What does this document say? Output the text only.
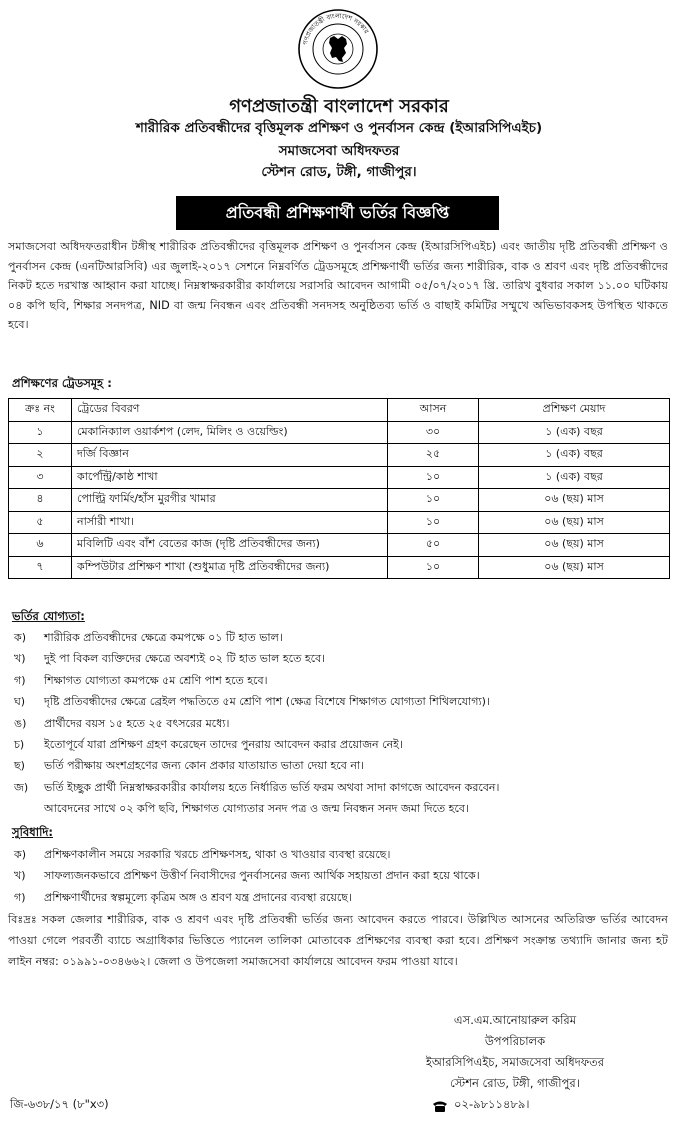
গণপ্রজাতন্ত্রী বাংলাদেশ সরকার
গণপ্রজাতন্ত্রী বাংলাদেশ সরকার
শারীরিক প্রতিবন্ধীদের বৃত্তিমূলক প্রশিক্ষণ ও পুনর্বাসন কেন্দ্র (ইআরসিপিএইচ)
সমাজসেবা অধিদফতর
স্টেশন রোড, টঙ্গী, গাজীপুর।
প্রতিবন্ধী প্রশিক্ষণার্থী ভর্তির বিজ্ঞপ্তি
সমাজসেবা অধিদফতরাধীন টঙ্গীস্থ শারীরিক প্রতিবন্ধীদের বৃত্তিমূলক প্রশিক্ষণ ও পুনর্বাসন কেন্দ্র (ইআরসিপিএইচ) এবং জাতীয় দৃষ্টি প্রতিবন্ধী প্রশিক্ষণ ও পুনর্বাসন কেন্দ্র (এনটিআরসিবি) এর জুলাই-২০১৭ সেশনে নিম্নবর্ণিত ট্রেডসমূহে প্রশিক্ষণার্থী ভর্তির জন্য শারীরিক, বাক ও শ্রবণ এবং দৃষ্টি প্রতিবন্ধীদের নিকট হতে দরখাস্ত আহ্বান করা যাচ্ছে। নিম্নস্বাক্ষরকারীর কার্যালয়ে সরাসরি আবেদন আগামী ০৫/০৭/২০১৭ খ্রি. তারিখ বুধবার সকাল ১১.০০ ঘটিকায় ০৪ কপি ছবি, শিক্ষার সনদপত্র, NID বা জন্ম নিবন্ধন এবং প্রতিবন্ধী সনদসহ অনুষ্ঠিতব্য ভর্তি ও বাছাই কমিটির সম্মুখে অভিভাবকসহ উপস্থিত থাকতে হবে।
প্রশিক্ষণের ট্রেডসমূহ :
ক্রঃ নং	ট্রেডের বিবরণ	আসন	প্রশিক্ষণ মেয়াদ
১	মেকানিক্যাল ওয়ার্কশপ (লেদ, মিলিং ও ওয়েল্ডিং)	৩০	১ (এক) বছর
২	দর্জি বিজ্ঞান	২৫	১ (এক) বছর
৩	কার্পেন্ট্রি/কাষ্ঠ শাখা	১০	১ (এক) বছর
৪	পোল্ট্রি ফার্মিং/হাঁস মুরগীর খামার	১০	০৬ (ছয়) মাস
৫	নার্সারী শাখা।	১০	০৬ (ছয়) মাস
৬	মবিলিটি এবং বাঁশ বেতের কাজ (দৃষ্টি প্রতিবন্ধীদের জন্য)	৫০	০৬ (ছয়) মাস
৭	কম্পিউটার প্রশিক্ষণ শাখা (শুধুমাত্র দৃষ্টি প্রতিবন্ধীদের জন্য)	১০	০৬ (ছয়) মাস
ভর্তির যোগ্যতা:
ক)	শারীরিক প্রতিবন্ধীদের ক্ষেত্রে কমপক্ষে ০১ টি হাত ভাল।
খ)	দুই পা বিকল ব্যক্তিদের ক্ষেত্রে অবশ্যই ০২ টি হাত ভাল হতে হবে।
গ)	শিক্ষাগত যোগ্যতা কমপক্ষে ৫ম শ্রেণি পাশ হতে হবে।
ঘ)	দৃষ্টি প্রতিবন্ধীদের ক্ষেত্রে ব্রেইল পদ্ধতিতে ৫ম শ্রেণি পাশ (ক্ষেত্র বিশেষে শিক্ষাগত যোগ্যতা শিথিলযোগ্য)।
ঙ)	প্রার্থীদের বয়স ১৫ হতে ২৫ বৎসরের মধ্যে।
চ)	ইতোপূর্বে যারা প্রশিক্ষণ গ্রহণ করেছেন তাদের পুনরায় আবেদন করার প্রয়োজন নেই।
ছ)	ভর্তি পরীক্ষায় অংশগ্রহণের জন্য কোন প্রকার যাতায়াত ভাতা দেয়া হবে না।
জ)	ভর্তি ইচ্ছুক প্রার্থী নিম্নস্বাক্ষরকারীর কার্যালয় হতে নির্ধারিত ভর্তি ফরম অথবা সাদা কাগজে আবেদন করবেন।
আবেদনের সাথে ০২ কপি ছবি, শিক্ষাগত যোগ্যতার সনদ পত্র ও জন্ম নিবন্ধন সনদ জমা দিতে হবে।
সুবিধাদি:
ক)	প্রশিক্ষণকালীন সময়ে সরকারি খরচে প্রশিক্ষণসহ, থাকা ও খাওয়ার ব্যবস্থা রয়েছে।
খ)	সাফল্যজনকভাবে প্রশিক্ষণ উত্তীর্ণ নিবাসীদের পুনর্বাসনের জন্য আর্থিক সহায়তা প্রদান করা হয়ে থাকে।
গ)	প্রশিক্ষণার্থীদের স্বল্পমূল্যে কৃত্রিম অঙ্গ ও শ্রবণ যন্ত্র প্রদানের ব্যবস্থা রয়েছে।
বিঃদ্রঃ সকল জেলার শারীরিক, বাক ও শ্রবণ এবং দৃষ্টি প্রতিবন্ধী ভর্তির জন্য আবেদন করতে পারবে। উল্লিখিত আসনের অতিরিক্ত ভর্তির আবেদন পাওয়া গেলে পরবর্তী ব্যাচে অগ্রাধিকার ভিত্তিতে প্যানেল তালিকা মোতাবেক প্রশিক্ষণের ব্যবস্থা করা হবে। প্রশিক্ষণ সংক্রান্ত তথ্যাদি জানার জন্য হট লাইন নম্বর: ০১৯৯১-০৩৪৬৬২। জেলা ও উপজেলা সমাজসেবা কার্যালয়ে আবেদন ফরম পাওয়া যাবে।
এস.এম.আনোয়ারুল করিম
উপপরিচালক
ইআরসিপিএইচ, সমাজসেবা অধিদফতর
স্টেশন রোড, টঙ্গী, গাজীপুর।
জি-৬৩৮/১৭ (৮"x৩)	০২-৯৮১১৪৮৯।
